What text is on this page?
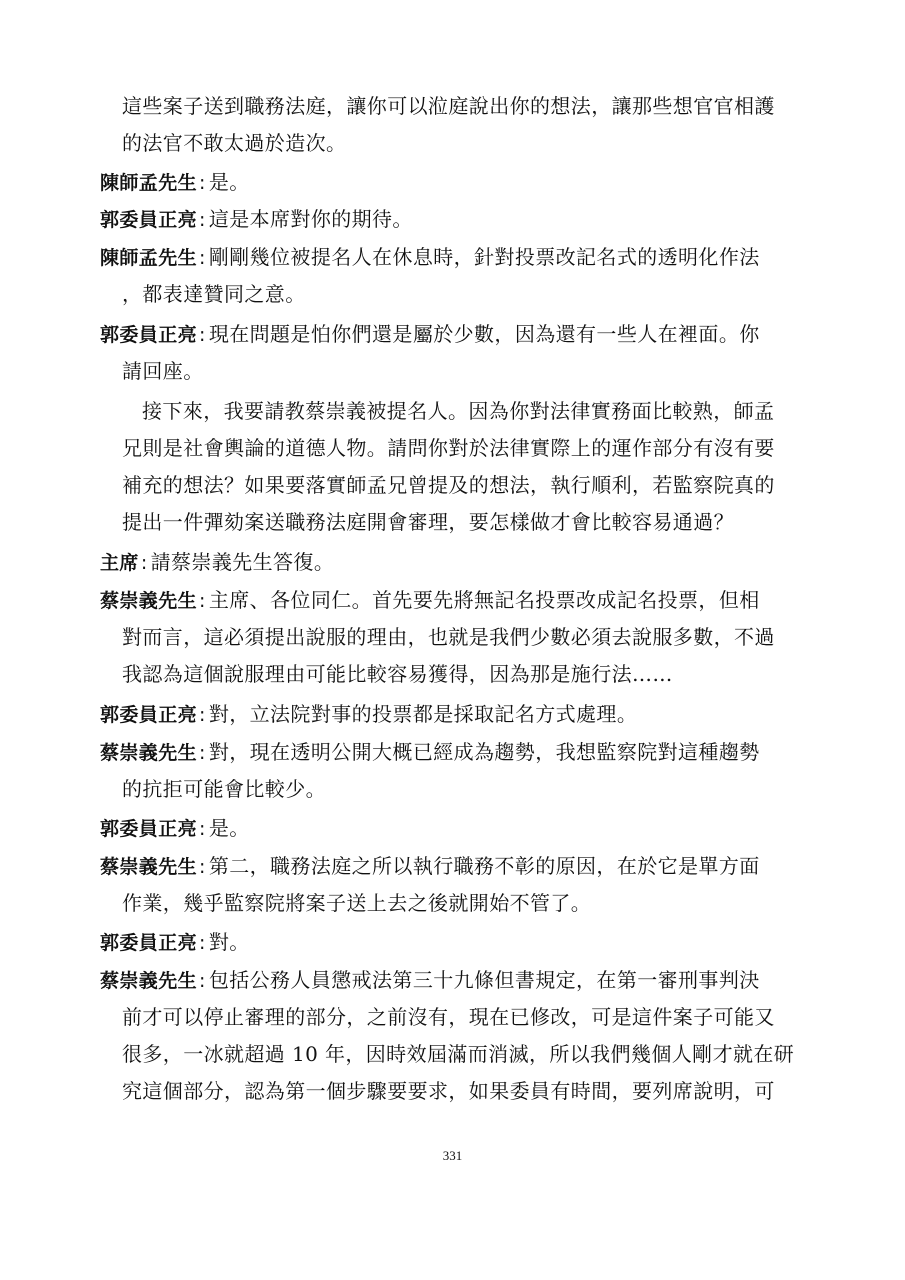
這些案子送到職務法庭，讓你可以涖庭說出你的想法，讓那些想官官相護
的法官不敢太過於造次。
陳師孟先生 : 是。
郭委員正亮 : 這是本席對你的期待。
陳師孟先生 : 剛剛幾位被提名人在休息時，針對投票改記名式的透明化作法
，都表達贊同之意。
郭委員正亮 : 現在問題是怕你們還是屬於少數，因為還有一些人在裡面。你
請回座。
接下來，我要請教蔡崇義被提名人。因為你對法律實務面比較熟，師孟
兄則是社會輿論的道德人物。請問你對於法律實際上的運作部分有沒有要
補充的想法？如果要落實師孟兄曾提及的想法，執行順利，若監察院真的
提出一件彈劾案送職務法庭開會審理，要怎樣做才會比較容易通過？
主席 : 請蔡崇義先生答復。
蔡崇義先生 : 主席、各位同仁。首先要先將無記名投票改成記名投票，但相
對而言，這必須提出說服的理由，也就是我們少數必須去說服多數，不過
我認為這個說服理由可能比較容易獲得，因為那是施行法……
郭委員正亮 : 對，立法院對事的投票都是採取記名方式處理。
蔡崇義先生 : 對，現在透明公開大概已經成為趨勢，我想監察院對這種趨勢
的抗拒可能會比較少。
郭委員正亮 : 是。
蔡崇義先生 : 第二，職務法庭之所以執行職務不彰的原因，在於它是單方面
作業，幾乎監察院將案子送上去之後就開始不管了。
郭委員正亮 : 對。
蔡崇義先生 : 包括公務人員懲戒法第三十九條但書規定，在第一審刑事判決
前才可以停止審理的部分，之前沒有，現在已修改，可是這件案子可能又
很多，一冰就超過 10 年，因時效屆滿而消滅，所以我們幾個人剛才就在研
究這個部分，認為第一個步驟要要求，如果委員有時間，要列席說明，可
331
